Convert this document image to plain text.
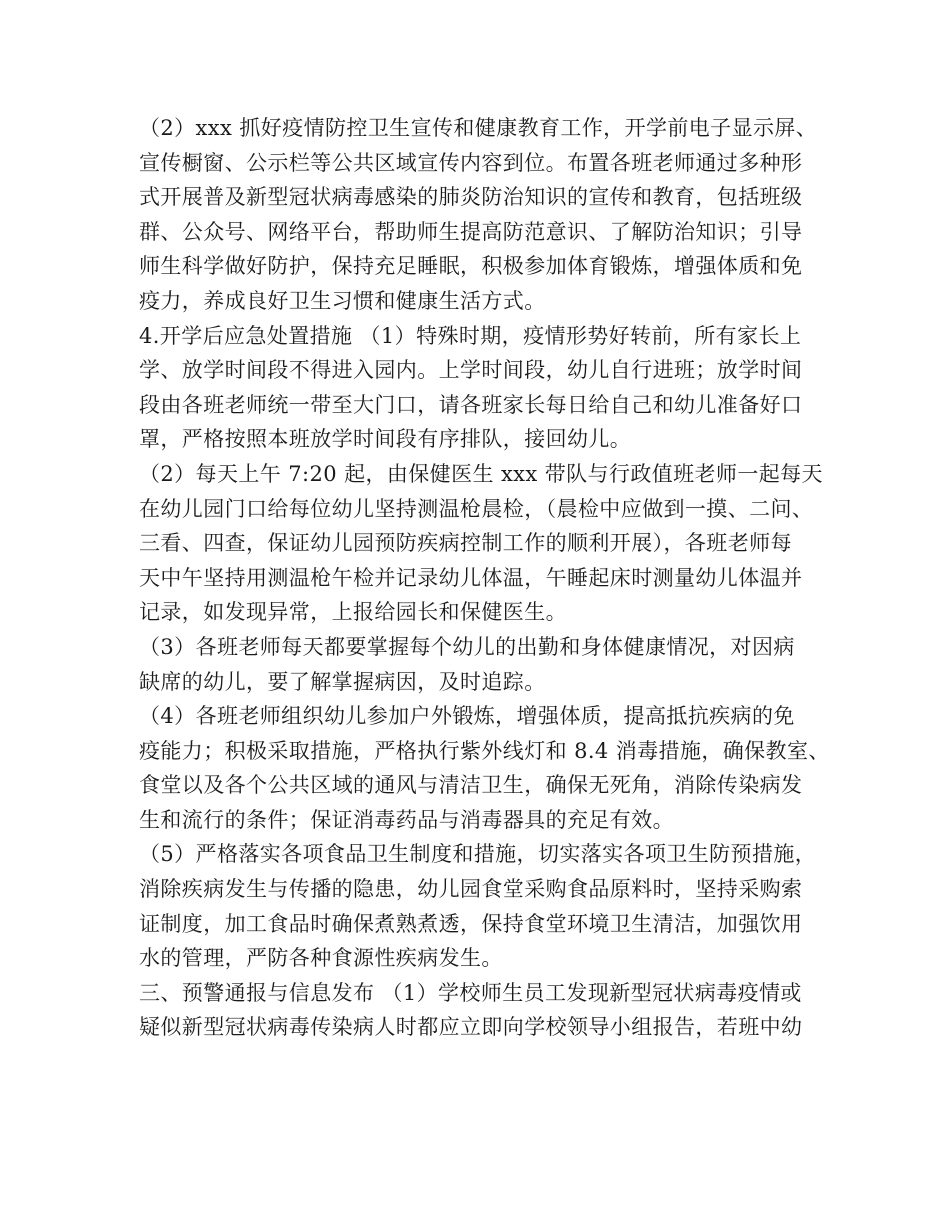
（2）xxx 抓好疫情防控卫生宣传和健康教育工作，开学前电子显示屏、
宣传橱窗、公示栏等公共区域宣传内容到位。布置各班老师通过多种形
式开展普及新型冠状病毒感染的肺炎防治知识的宣传和教育，包括班级
群、公众号、网络平台，帮助师生提高防范意识、了解防治知识；引导
师生科学做好防护，保持充足睡眠，积极参加体育锻炼，增强体质和免
疫力，养成良好卫生习惯和健康生活方式。
4.开学后应急处置措施 （1）特殊时期，疫情形势好转前，所有家长上
学、放学时间段不得进入园内。上学时间段，幼儿自行进班；放学时间
段由各班老师统一带至大门口，请各班家长每日给自己和幼儿准备好口
罩，严格按照本班放学时间段有序排队，接回幼儿。
（2）每天上午 7:20 起，由保健医生 xxx 带队与行政值班老师一起每天
在幼儿园门口给每位幼儿坚持测温枪晨检，（晨检中应做到一摸、二问、
三看、四查，保证幼儿园预防疾病控制工作的顺利开展），各班老师每
天中午坚持用测温枪午检并记录幼儿体温，午睡起床时测量幼儿体温并
记录，如发现异常，上报给园长和保健医生。
（3）各班老师每天都要掌握每个幼儿的出勤和身体健康情况，对因病
缺席的幼儿，要了解掌握病因，及时追踪。
（4）各班老师组织幼儿参加户外锻炼，增强体质，提高抵抗疾病的免
疫能力；积极采取措施，严格执行紫外线灯和 8.4 消毒措施，确保教室、
食堂以及各个公共区域的通风与清洁卫生，确保无死角，消除传染病发
生和流行的条件；保证消毒药品与消毒器具的充足有效。
（5）严格落实各项食品卫生制度和措施，切实落实各项卫生防预措施，
消除疾病发生与传播的隐患，幼儿园食堂采购食品原料时，坚持采购索
证制度，加工食品时确保煮熟煮透，保持食堂环境卫生清洁，加强饮用
水的管理，严防各种食源性疾病发生。
三、预警通报与信息发布 （1）学校师生员工发现新型冠状病毒疫情或
疑似新型冠状病毒传染病人时都应立即向学校领导小组报告，若班中幼
